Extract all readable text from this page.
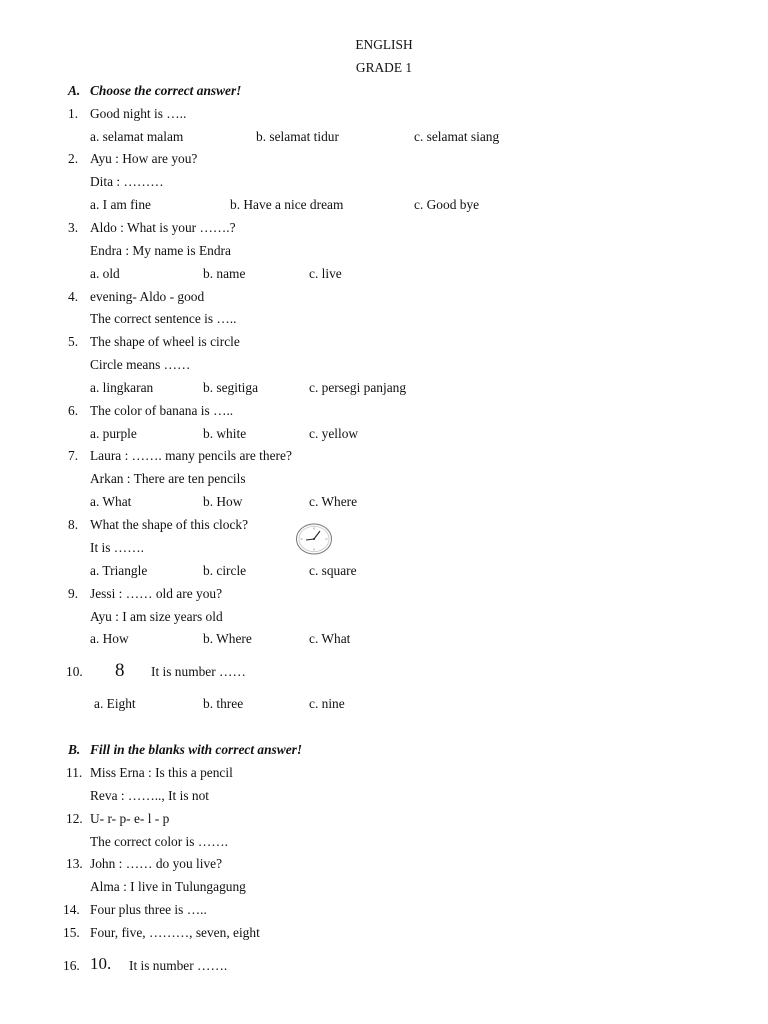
ENGLISH
GRADE 1
A. Choose the correct answer!
1. Good night is …..
a. selamat malam	b. selamat tidur	c. selamat siang
2. Ayu : How are you?
Dita : ………
a. I am fine	b. Have a nice dream	c. Good bye
3. Aldo : What is your …….?
Endra : My name is Endra
a. old	b. name	c. live
4. evening- Aldo - good
The correct sentence is …..
5. The shape of wheel is circle
Circle means ……
a. lingkaran	b. segitiga	c. persegi panjang
6. The color of banana is …..
a. purple	b. white	c. yellow
7. Laura : ……. many pencils are there?
Arkan : There are ten pencils
a. What	b. How	c. Where
8. What the shape of this clock?
It is …….
a. Triangle	b. circle	c. square
9. Jessi : …… old are you?
Ayu : I am size years old
a. How	b. Where	c. What
10. 8 It is number ……
a. Eight	b. three	c. nine
B. Fill in the blanks with correct answer!
11. Miss Erna : Is this a pencil
Reva : …….., It is not
12. U- r- p- e- l - p
The correct color is …….
13. John : …… do you live?
Alma : I live in Tulungagung
14. Four plus three is …..
15. Four, five, ………, seven, eight
16. 10. It is number …….
